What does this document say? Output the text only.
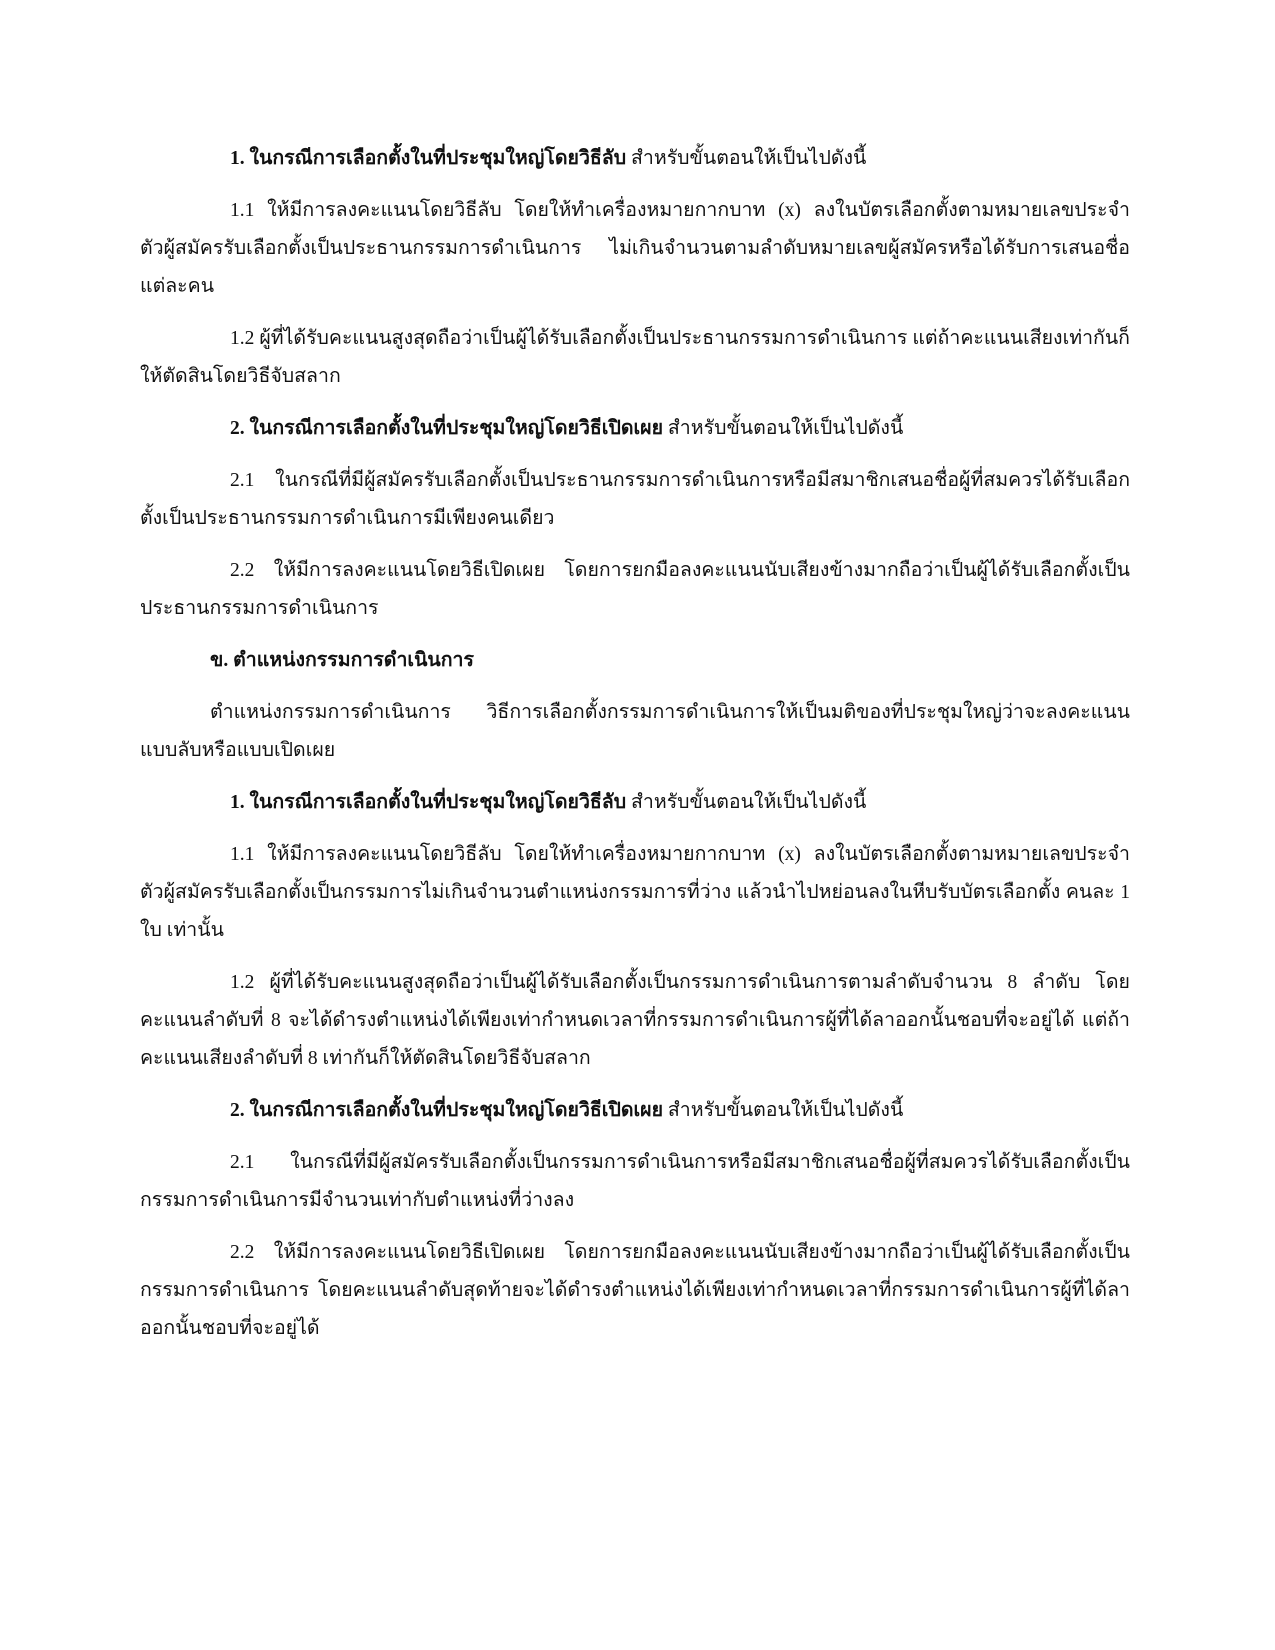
1. ในกรณีการเลือกตั้งในที่ประชุมใหญ่โดยวิธีลับ สำหรับขั้นตอนให้เป็นไปดังนี้

1.1 ให้มีการลงคะแนนโดยวิธีลับ โดยให้ทำเครื่องหมายกากบาท (x) ลงในบัตรเลือกตั้งตามหมายเลขประจำตัวผู้สมัครรับเลือกตั้งเป็นประธานกรรมการดำเนินการ ไม่เกินจำนวนตามลำดับหมายเลขผู้สมัครหรือได้รับการเสนอชื่อแต่ละคน

1.2 ผู้ที่ได้รับคะแนนสูงสุดถือว่าเป็นผู้ได้รับเลือกตั้งเป็นประธานกรรมการดำเนินการ แต่ถ้าคะแนนเสียงเท่ากันก็ให้ตัดสินโดยวิธีจับสลาก

2. ในกรณีการเลือกตั้งในที่ประชุมใหญ่โดยวิธีเปิดเผย สำหรับขั้นตอนให้เป็นไปดังนี้

2.1 ในกรณีที่มีผู้สมัครรับเลือกตั้งเป็นประธานกรรมการดำเนินการหรือมีสมาชิกเสนอชื่อผู้ที่สมควรได้รับเลือกตั้งเป็นประธานกรรมการดำเนินการมีเพียงคนเดียว

2.2 ให้มีการลงคะแนนโดยวิธีเปิดเผย โดยการยกมือลงคะแนนนับเสียงข้างมากถือว่าเป็นผู้ได้รับเลือกตั้งเป็นประธานกรรมการดำเนินการ

ข. ตำแหน่งกรรมการดำเนินการ

ตำแหน่งกรรมการดำเนินการ วิธีการเลือกตั้งกรรมการดำเนินการให้เป็นมติของที่ประชุมใหญ่ว่าจะลงคะแนนแบบลับหรือแบบเปิดเผย

1. ในกรณีการเลือกตั้งในที่ประชุมใหญ่โดยวิธีลับ สำหรับขั้นตอนให้เป็นไปดังนี้

1.1 ให้มีการลงคะแนนโดยวิธีลับ โดยให้ทำเครื่องหมายกากบาท (x) ลงในบัตรเลือกตั้งตามหมายเลขประจำตัวผู้สมัครรับเลือกตั้งเป็นกรรมการไม่เกินจำนวนตำแหน่งกรรมการที่ว่าง แล้วนำไปหย่อนลงในหีบรับบัตรเลือกตั้ง คนละ 1 ใบ เท่านั้น

1.2 ผู้ที่ได้รับคะแนนสูงสุดถือว่าเป็นผู้ได้รับเลือกตั้งเป็นกรรมการดำเนินการตามลำดับจำนวน 8 ลำดับ โดยคะแนนลำดับที่ 8 จะได้ดำรงตำแหน่งได้เพียงเท่ากำหนดเวลาที่กรรมการดำเนินการผู้ที่ได้ลาออกนั้นชอบที่จะอยู่ได้ แต่ถ้าคะแนนเสียงลำดับที่ 8 เท่ากันก็ให้ตัดสินโดยวิธีจับสลาก

2. ในกรณีการเลือกตั้งในที่ประชุมใหญ่โดยวิธีเปิดเผย สำหรับขั้นตอนให้เป็นไปดังนี้

2.1 ในกรณีที่มีผู้สมัครรับเลือกตั้งเป็นกรรมการดำเนินการหรือมีสมาชิกเสนอชื่อผู้ที่สมควรได้รับเลือกตั้งเป็นกรรมการดำเนินการมีจำนวนเท่ากับตำแหน่งที่ว่างลง

2.2 ให้มีการลงคะแนนโดยวิธีเปิดเผย โดยการยกมือลงคะแนนนับเสียงข้างมากถือว่าเป็นผู้ได้รับเลือกตั้งเป็นกรรมการดำเนินการ โดยคะแนนลำดับสุดท้ายจะได้ดำรงตำแหน่งได้เพียงเท่ากำหนดเวลาที่กรรมการดำเนินการผู้ที่ได้ลาออกนั้นชอบที่จะอยู่ได้
